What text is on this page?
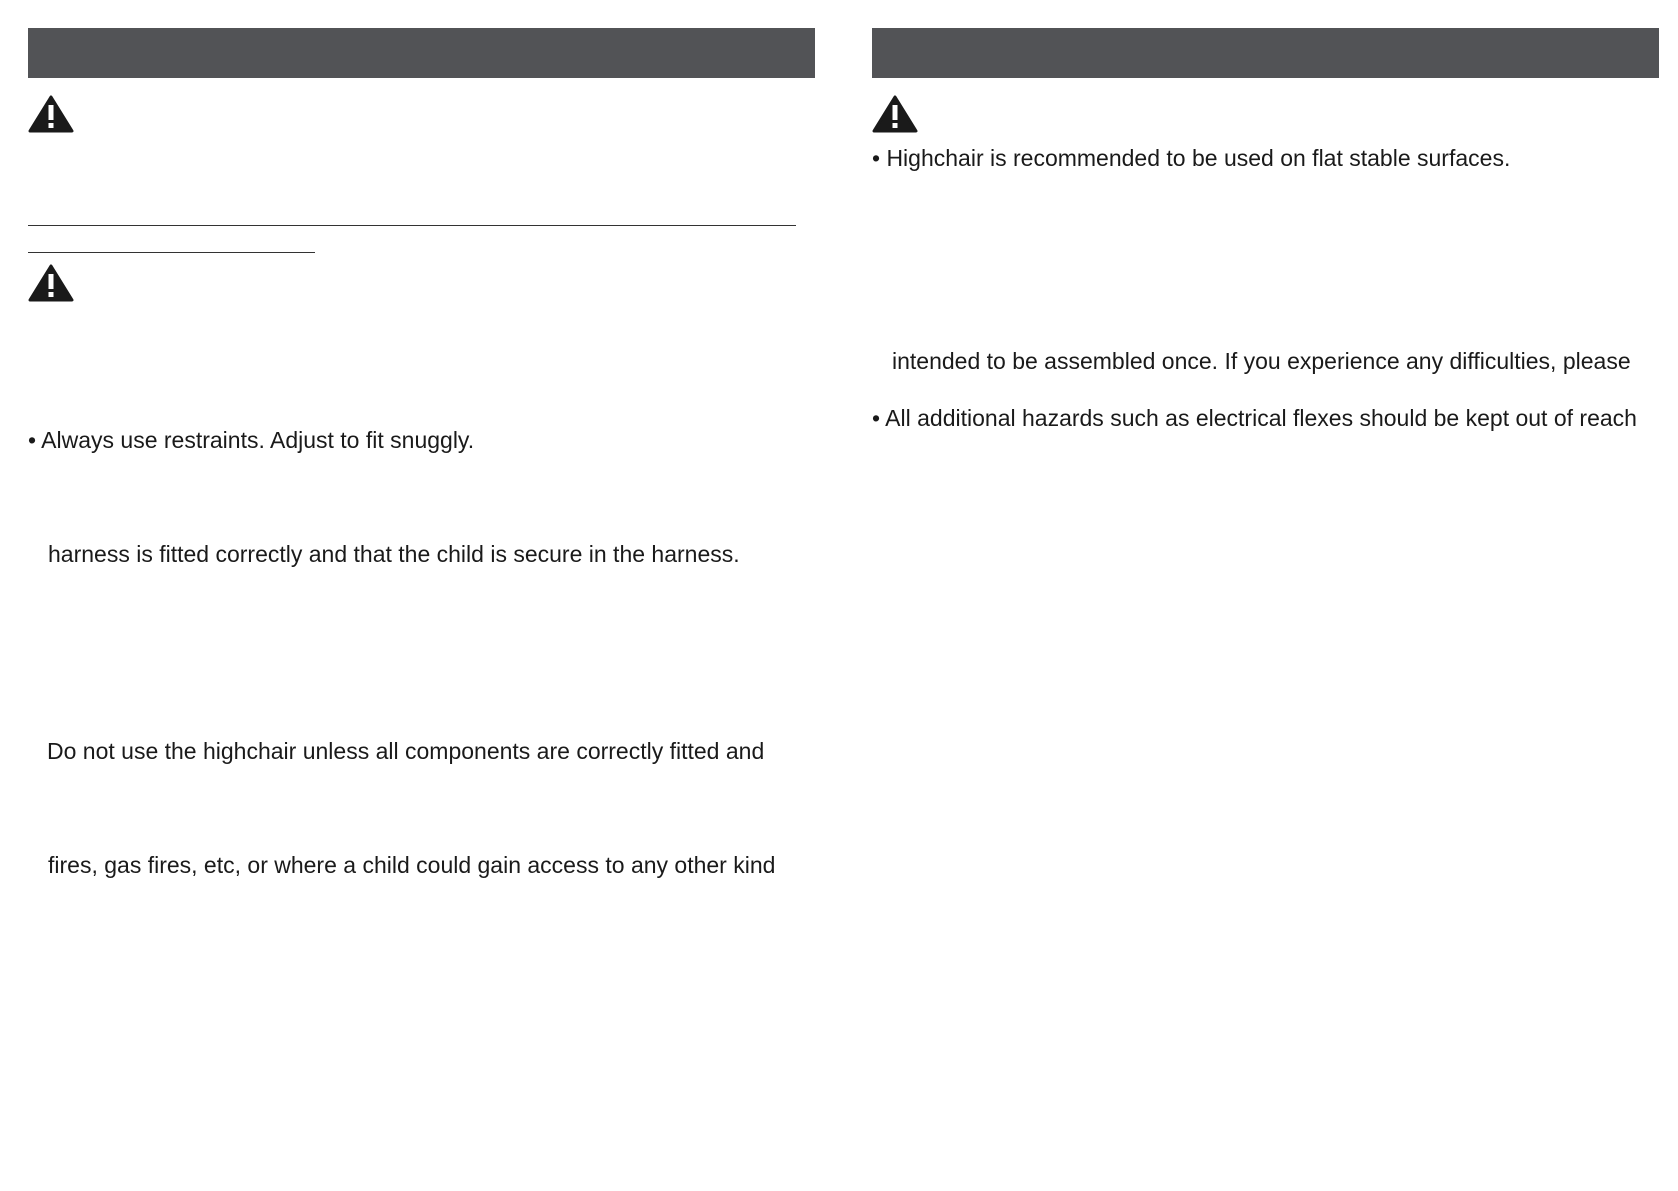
• Always use restraints. Adjust to fit snuggly.
harness is fitted correctly and that the child is secure in the harness.
Do not use the highchair unless all components are correctly fitted and
fires, gas fires, etc, or where a child could gain access to any other kind
• Highchair is recommended to be used on flat stable surfaces.
intended to be assembled once. If you experience any difficulties, please
• All additional hazards such as electrical flexes should be kept out of reach
